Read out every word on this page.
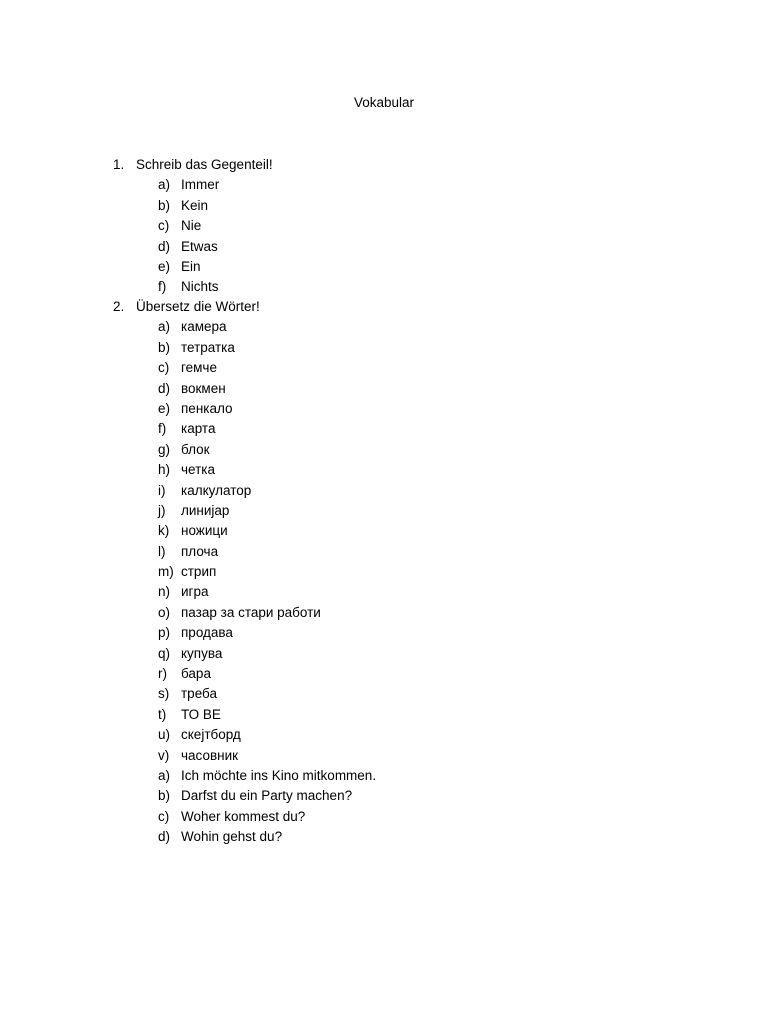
Vokabular
1. Schreib das Gegenteil!
a) Immer
b) Kein
c) Nie
d) Etwas
e) Ein
f) Nichts
2. Übersetz die Wörter!
a) камера
b) тетратка
c) гемче
d) вокмен
e) пенкало
f) карта
g) блок
h) четка
i) калкулатор
j) линијар
k) ножици
l) плоча
m) стрип
n) игра
o) пазар за стари работи
p) продава
q) купува
r) бара
s) треба
t) ТО ВЕ
u) скејтборд
v) часовник
a) Ich möchte ins Kino mitkommen.
b) Darfst du ein Party machen?
c) Woher kommest du?
d) Wohin gehst du?
